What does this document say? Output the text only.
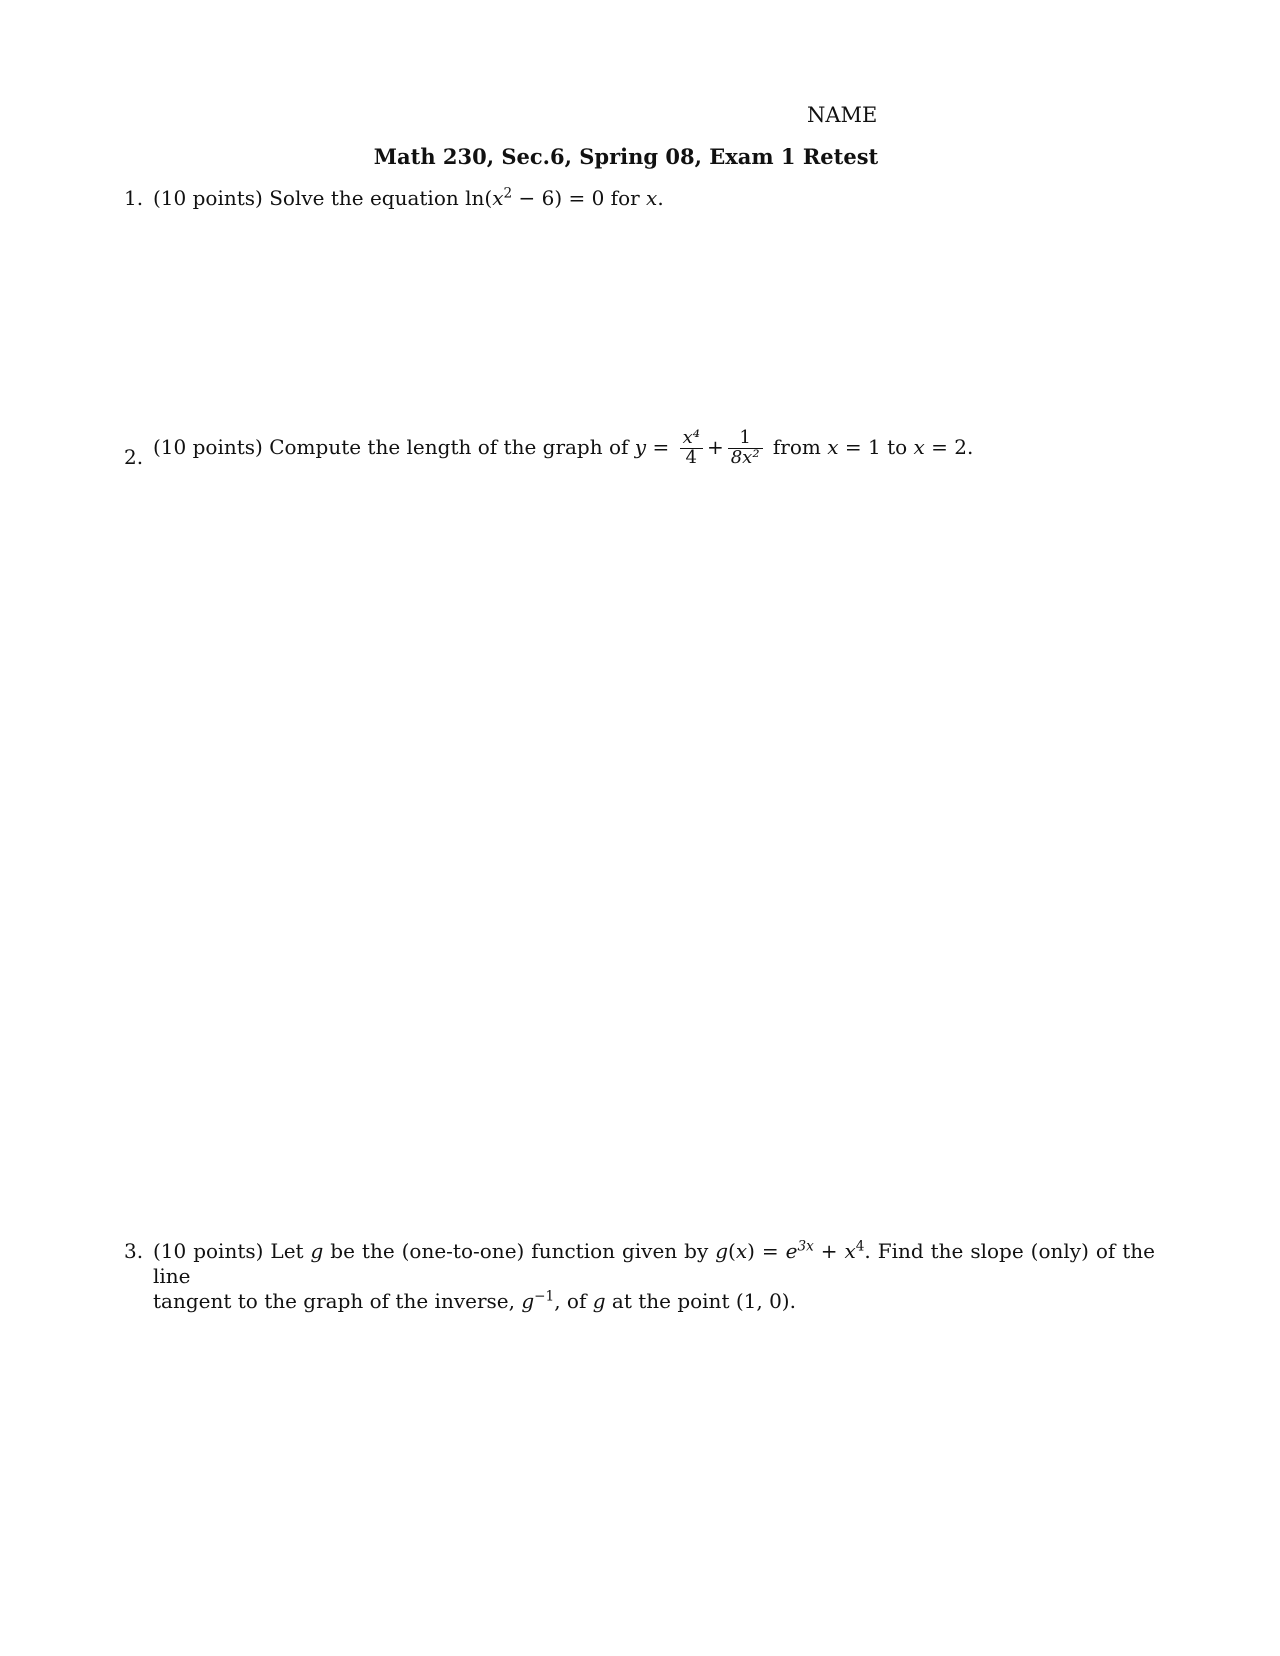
NAME
Math 230, Sec.6, Spring 08, Exam 1 Retest
1. (10 points) Solve the equation $\ln(x^2 - 6) = 0$ for x.
2. (10 points) Compute the length of the graph of $y = \frac{\text{x⁴}}{4} + \frac{1}{\text{8x²}}$ from x = 1 to x = 2.
3. (10 points) Let g be the (one-to-one) function given by $g(x) = e^{3x} + x^4$. Find the slope (only) of the line
tangent to the graph of the inverse, $g^{-1}$, of g at the point (1, 0).
